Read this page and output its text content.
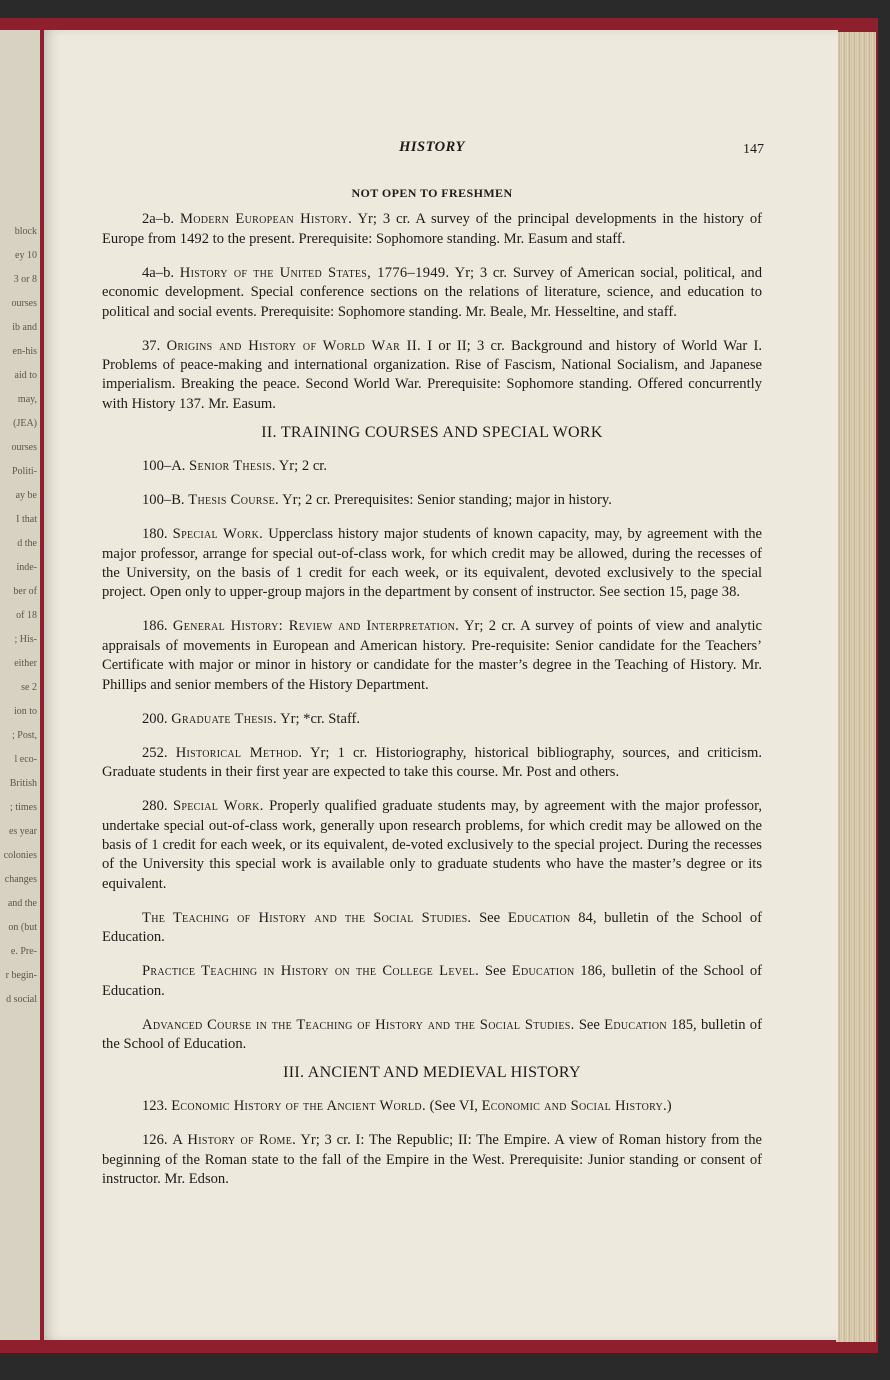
block
ey 10
3 or 8
ourses
ib and
en-his
aid to
may,
(JEA)
ourses
Politi-
ay be
I that
d the
inde-
ber of
of 18
; His-
either
se 2
ion to
; Post,
l eco-
British
; times
es year
colonies
changes
and the
on (but
e. Pre-
r begin-
d social
HISTORY	147
NOT OPEN TO FRESHMEN

2a–b. Modern European History. Yr; 3 cr. A survey of the principal developments in the history of Europe from 1492 to the present. Prerequisite: Sophomore standing. Mr. Easum and staff.

4a–b. History of the United States, 1776–1949. Yr; 3 cr. Survey of American social, political, and economic development. Special conference sections on the relations of literature, science, and education to political and social events. Prerequisite: Sophomore standing. Mr. Beale, Mr. Hesseltine, and staff.

37. Origins and History of World War II. I or II; 3 cr. Background and history of World War I. Problems of peace-making and international organization. Rise of Fascism, National Socialism, and Japanese imperialism. Breaking the peace. Second World War. Prerequisite: Sophomore standing. Offered concurrently with History 137. Mr. Easum.

II. TRAINING COURSES AND SPECIAL WORK

100–A. Senior Thesis. Yr; 2 cr.

100–B. Thesis Course. Yr; 2 cr. Prerequisites: Senior standing; major in history.

180. Special Work. Upperclass history major students of known capacity, may, by agreement with the major professor, arrange for special out-of-class work, for which credit may be allowed, during the recesses of the University, on the basis of 1 credit for each week, or its equivalent, devoted exclusively to the special project. Open only to upper-group majors in the department by consent of instructor. See section 15, page 38.

186. General History: Review and Interpretation. Yr; 2 cr. A survey of points of view and analytic appraisals of movements in European and American history. Pre-requisite: Senior candidate for the Teachers’ Certificate with major or minor in history or candidate for the master’s degree in the Teaching of History. Mr. Phillips and senior members of the History Department.

200. Graduate Thesis. Yr; *cr. Staff.

252. Historical Method. Yr; 1 cr. Historiography, historical bibliography, sources, and criticism. Graduate students in their first year are expected to take this course. Mr. Post and others.

280. Special Work. Properly qualified graduate students may, by agreement with the major professor, undertake special out-of-class work, generally upon research problems, for which credit may be allowed on the basis of 1 credit for each week, or its equivalent, de-voted exclusively to the special project. During the recesses of the University this special work is available only to graduate students who have the master’s degree or its equivalent.

The Teaching of History and the Social Studies. See Education 84, bulletin of the School of Education.

Practice Teaching in History on the College Level. See Education 186, bulletin of the School of Education.

Advanced Course in the Teaching of History and the Social Studies. See Education 185, bulletin of the School of Education.

III. ANCIENT AND MEDIEVAL HISTORY

123. Economic History of the Ancient World. (See VI, Economic and Social History.)

126. A History of Rome. Yr; 3 cr. I: The Republic; II: The Empire. A view of Roman history from the beginning of the Roman state to the fall of the Empire in the West. Prerequisite: Junior standing or consent of instructor. Mr. Edson.
